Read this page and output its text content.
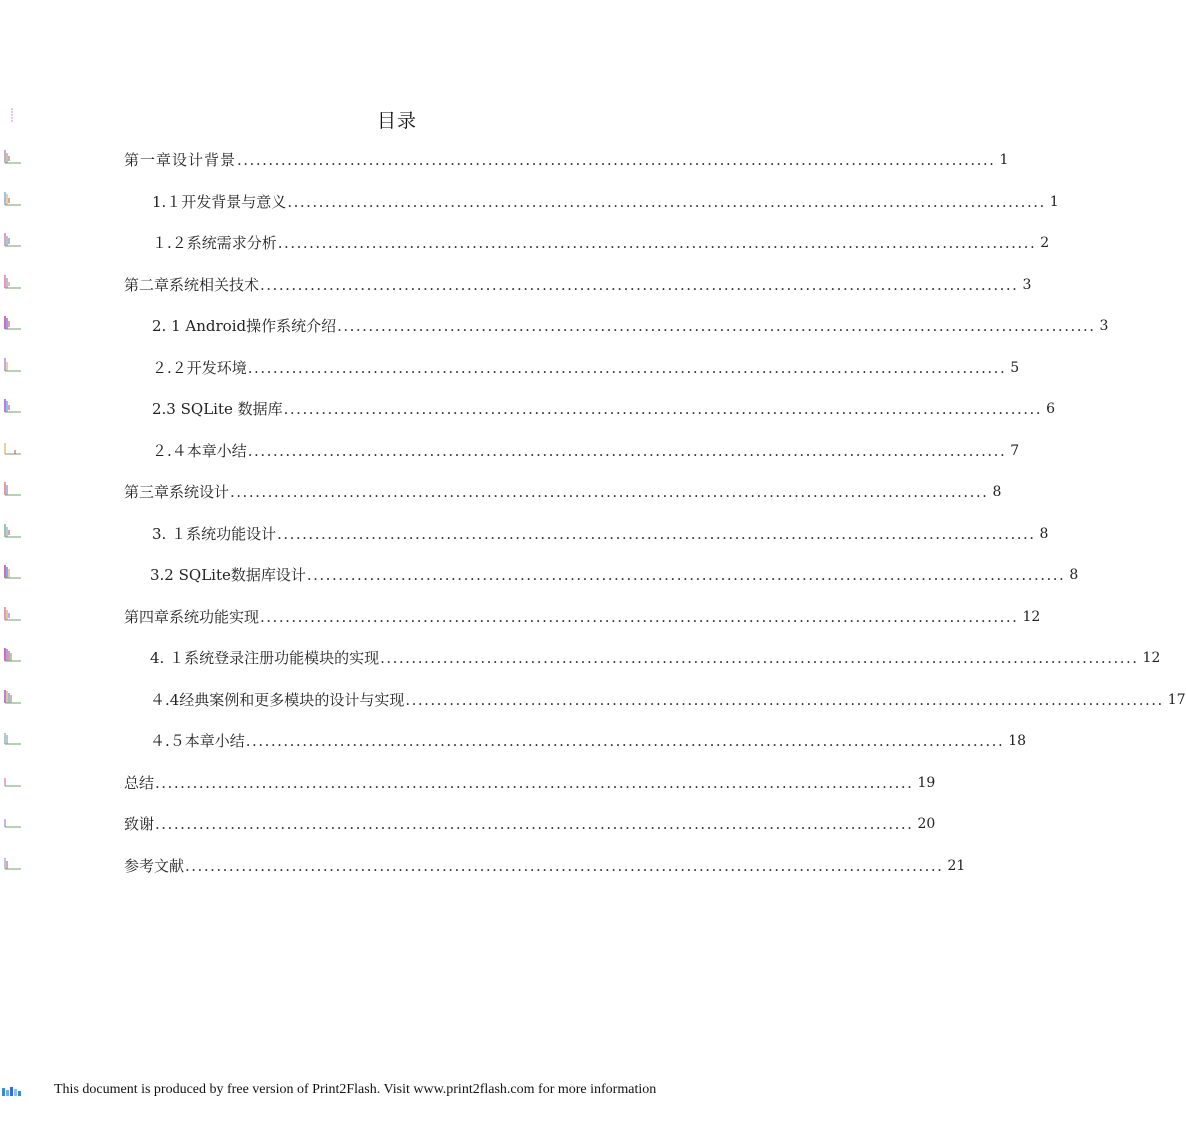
目录
第一章设计背景 ......................................................................................................................... 1
1.１开发背景与意义 ......................................................................................................................... 1
１.２系统需求分析 ......................................................................................................................... 2
第二章系统相关技术 ......................................................................................................................... 3
2. 1 Android操作系统介绍 ......................................................................................................................... 3
２.２开发环境 ......................................................................................................................... 5
2.3 SQLite 数据库 ......................................................................................................................... 6
２.４本章小结 ......................................................................................................................... 7
第三章系统设计 ......................................................................................................................... 8
3. １系统功能设计 ......................................................................................................................... 8
3.2 SQLite数据库设计 ......................................................................................................................... 8
第四章系统功能实现 ......................................................................................................................... 12
4. １系统登录注册功能模块的实现 ......................................................................................................................... 12
４.4经典案例和更多模块的设计与实现 ......................................................................................................................... 17
４.５本章小结 ......................................................................................................................... 18
总结 ......................................................................................................................... 19
致谢 ......................................................................................................................... 20
参考文献 ......................................................................................................................... 21
This document is produced by free version of Print2Flash. Visit www.print2flash.com for more information
